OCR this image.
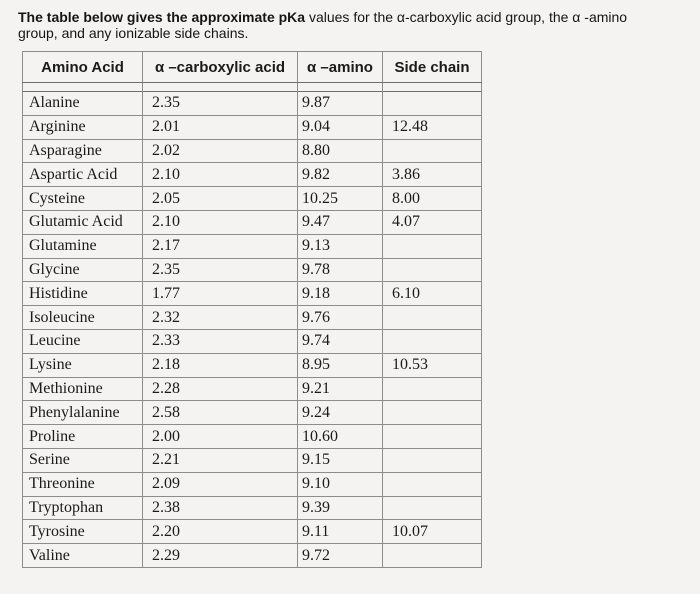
The table below gives the approximate pKa values for the α-carboxylic acid group, the α -amino
group, and any ionizable side chains.
Amino Acid	α –carboxylic acid	α –amino	Side chain

Alanine	2.35	9.87	
Arginine	2.01	9.04	12.48
Asparagine	2.02	8.80	
Aspartic Acid	2.10	9.82	3.86
Cysteine	2.05	10.25	8.00
Glutamic Acid	2.10	9.47	4.07
Glutamine	2.17	9.13	
Glycine	2.35	9.78	
Histidine	1.77	9.18	6.10
Isoleucine	2.32	9.76	
Leucine	2.33	9.74	
Lysine	2.18	8.95	10.53
Methionine	2.28	9.21	
Phenylalanine	2.58	9.24	
Proline	2.00	10.60	
Serine	2.21	9.15	
Threonine	2.09	9.10	
Tryptophan	2.38	9.39	
Tyrosine	2.20	9.11	10.07
Valine	2.29	9.72	
